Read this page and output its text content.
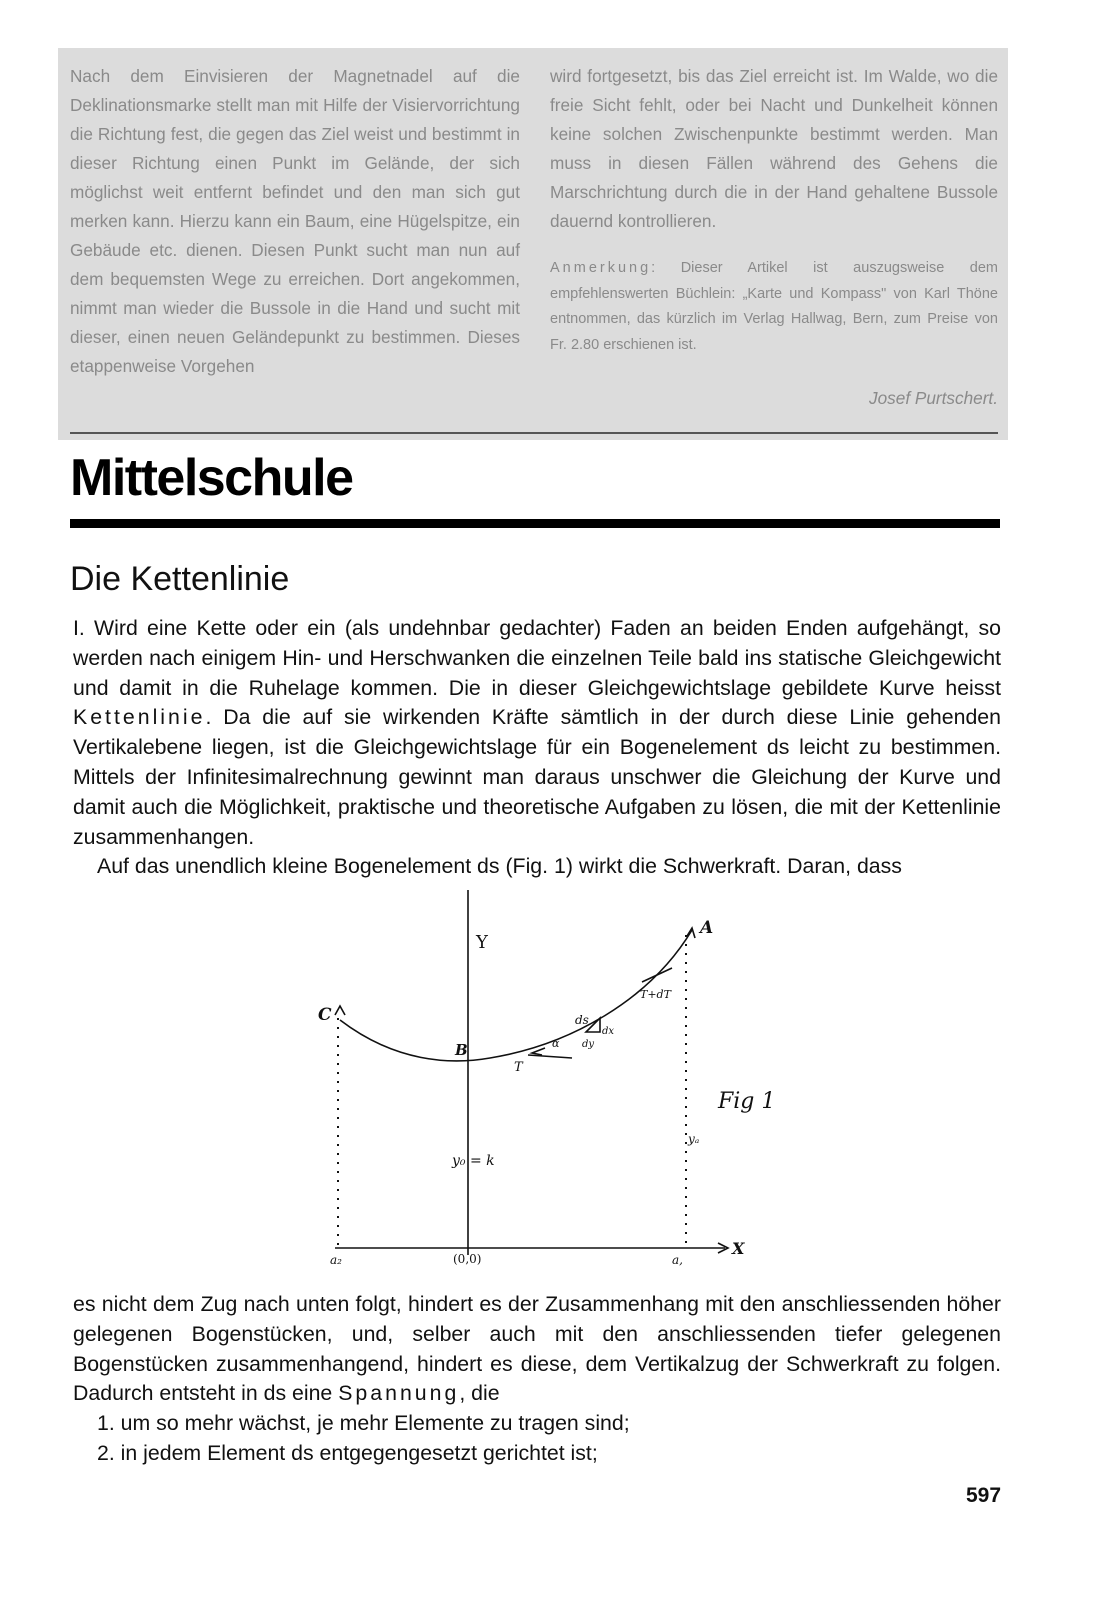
Nach dem Einvisieren der Magnetnadel auf die Deklinationsmarke stellt man mit Hilfe der Visiervorrichtung die Richtung fest, die gegen das Ziel weist und bestimmt in dieser Richtung einen Punkt im Gelände, der sich möglichst weit entfernt befindet und den man sich gut merken kann. Hierzu kann ein Baum, eine Hügelspitze, ein Gebäude etc. dienen. Diesen Punkt sucht man nun auf dem bequemsten Wege zu erreichen. Dort angekommen, nimmt man wieder die Bussole in die Hand und sucht mit dieser, einen neuen Geländepunkt zu bestimmen. Dieses etappenweise Vorgehen

wird fortgesetzt, bis das Ziel erreicht ist. Im Walde, wo die freie Sicht fehlt, oder bei Nacht und Dunkelheit können keine solchen Zwischenpunkte bestimmt werden. Man muss in diesen Fällen während des Gehens die Marschrichtung durch die in der Hand gehaltene Bussole dauernd kontrollieren.

Anmerkung: Dieser Artikel ist auszugsweise dem empfehlenswerten Büchlein: „Karte und Kompass" von Karl Thöne entnommen, das kürzlich im Verlag Hallwag, Bern, zum Preise von Fr. 2.80 erschienen ist.

Josef Purtschert.

Mittelschule
Die Kettenlinie

I. Wird eine Kette oder ein (als undehnbar gedachter) Faden an beiden Enden aufgehängt, so werden nach einigem Hin- und Herschwanken die einzelnen Teile bald ins statische Gleichgewicht und damit in die Ruhelage kommen. Die in dieser Gleichgewichtslage gebildete Kurve heisst Kettenlinie. Da die auf sie wirkenden Kräfte sämtlich in der durch diese Linie gehenden Vertikalebene liegen, ist die Gleichgewichtslage für ein Bogenelement ds leicht zu bestimmen. Mittels der Infinitesimalrechnung gewinnt man daraus unschwer die Gleichung der Kurve und damit auch die Möglichkeit, praktische und theoretische Aufgaben zu lösen, die mit der Kettenlinie zusammenhangen.

Auf das unendlich kleine Bogenelement ds (Fig. 1) wirkt die Schwerkraft. Daran, dass

Y
A
C
B
T
T+dT
ds
dx
dy
α
y₀ = k
yₐ
Fig 1
(0,0)	a,
a₂
X

es nicht dem Zug nach unten folgt, hindert es der Zusammenhang mit den anschliessenden höher gelegenen Bogenstücken, und, selber auch mit den anschliessenden tiefer gelegenen Bogenstücken zusammenhangend, hindert es diese, dem Vertikalzug der Schwerkraft zu folgen. Dadurch entsteht in ds eine Spannung, die

1. um so mehr wächst, je mehr Elemente zu tragen sind;

2. in jedem Element ds entgegengesetzt gerichtet ist;

597
